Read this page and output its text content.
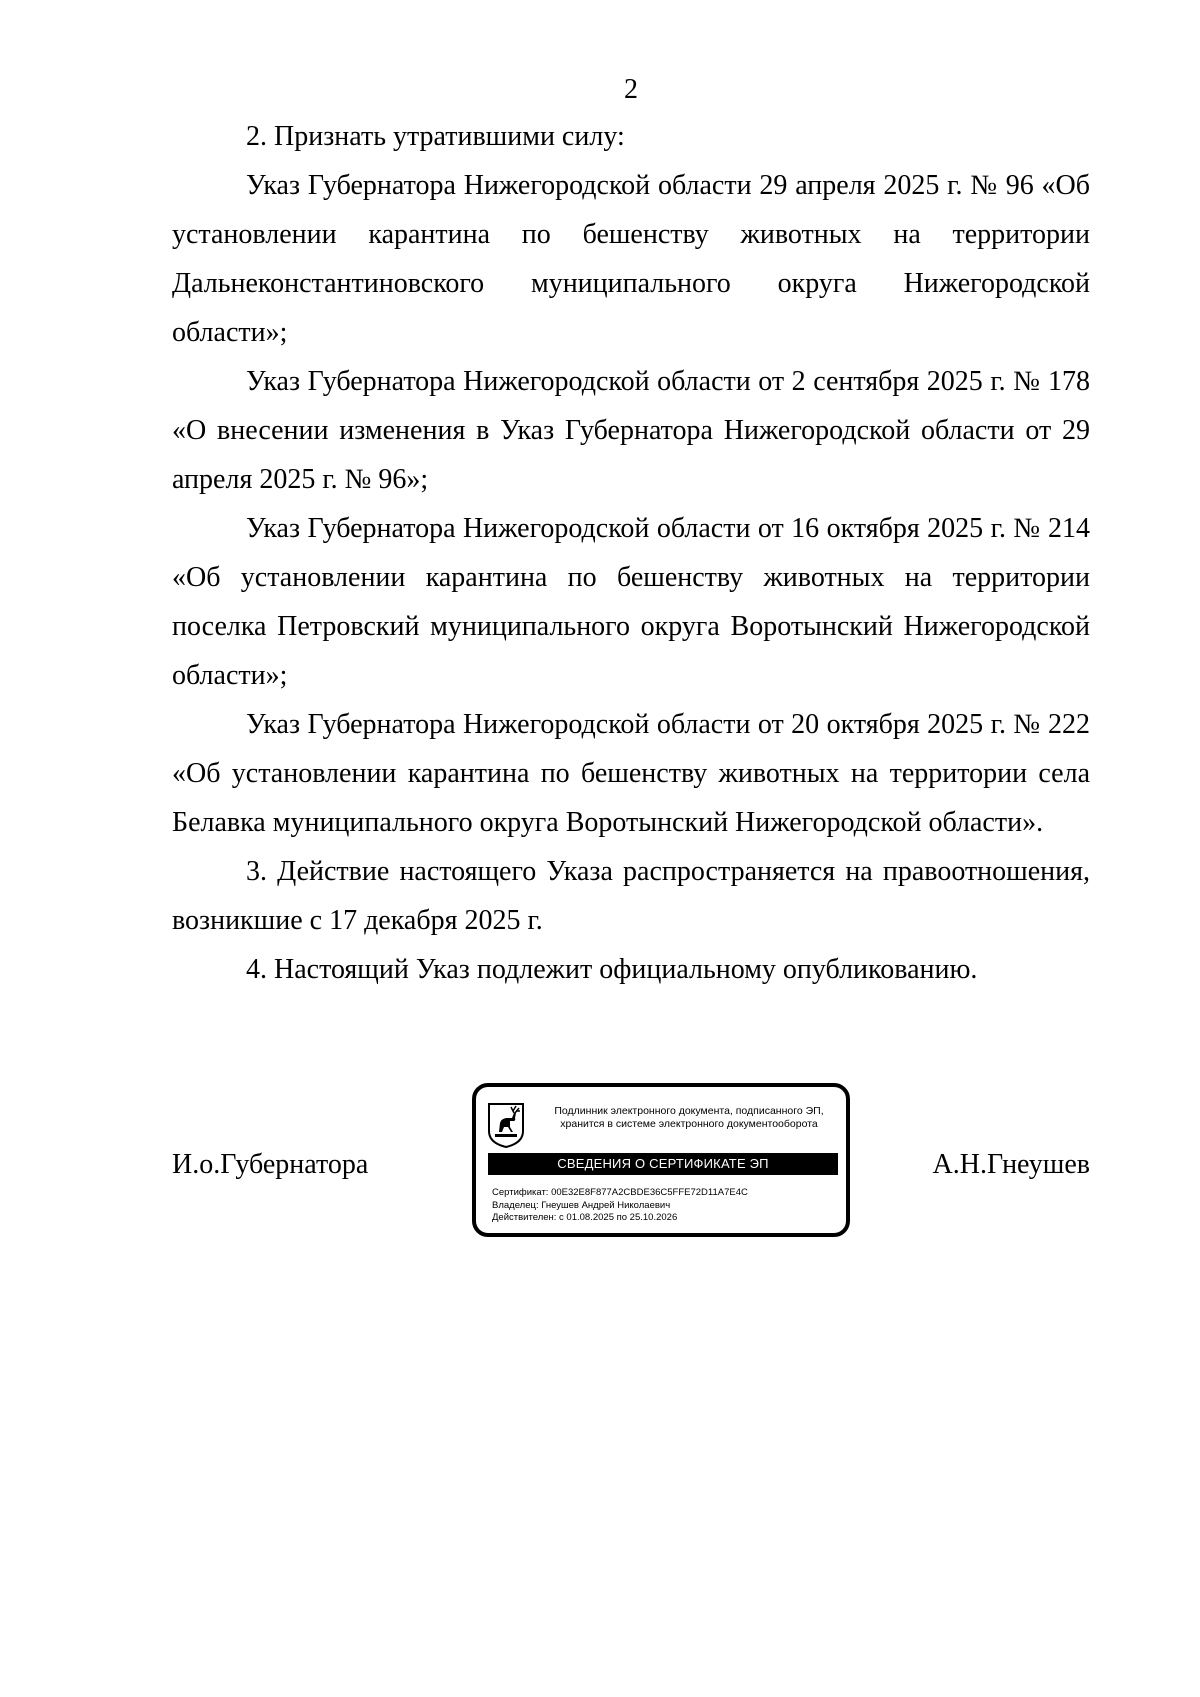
2

2. Признать утратившими силу:

Указ Губернатора Нижегородской области 29 апреля 2025 г. № 96 «Об установлении карантина по бешенству животных на территории Дальнеконстантиновского муниципального округа Нижегородской области»;

Указ Губернатора Нижегородской области от 2 сентября 2025 г. № 178 «О внесении изменения в Указ Губернатора Нижегородской области от 29 апреля 2025 г. № 96»;

Указ Губернатора Нижегородской области от 16 октября 2025 г. № 214 «Об установлении карантина по бешенству животных на территории поселка Петровский муниципального округа Воротынский Нижегородской области»;

Указ Губернатора Нижегородской области от 20 октября 2025 г. № 222 «Об установлении карантина по бешенству животных на территории села Белавка муниципального округа Воротынский Нижегородской области».

3. Действие настоящего Указа распространяется на правоотношения, возникшие с 17 декабря 2025 г.

4. Настоящий Указ подлежит официальному опубликованию.

И.о.Губернатора
Подлинник электронного документа, подписанного ЭП,
хранится в системе электронного документооборота
СВЕДЕНИЯ О СЕРТИФИКАТЕ ЭП
Сертификат: 00E32E8F877A2CBDE36C5FFE72D11A7E4C
Владелец: Гнеушев Андрей Николаевич
Действителен: с 01.08.2025 по 25.10.2026
А.Н.Гнеушев
